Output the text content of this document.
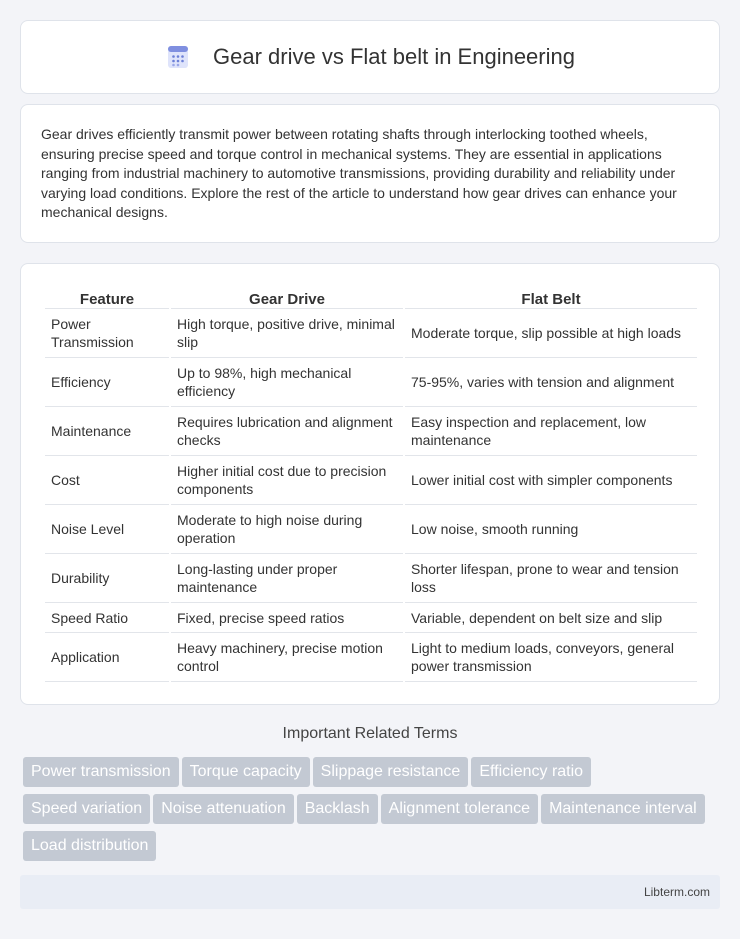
Gear drive vs Flat belt in Engineering

Gear drives efficiently transmit power between rotating shafts through interlocking toothed wheels, ensuring precise speed and torque control in mechanical systems. They are essential in applications ranging from industrial machinery to automotive transmissions, providing durability and reliability under varying load conditions. Explore the rest of the article to understand how gear drives can enhance your mechanical designs.

Feature	Gear Drive	Flat Belt
Power Transmission	High torque, positive drive, minimal slip	Moderate torque, slip possible at high loads
Efficiency	Up to 98%, high mechanical efficiency	75-95%, varies with tension and alignment
Maintenance	Requires lubrication and alignment checks	Easy inspection and replacement, low maintenance
Cost	Higher initial cost due to precision components	Lower initial cost with simpler components
Noise Level	Moderate to high noise during operation	Low noise, smooth running
Durability	Long-lasting under proper maintenance	Shorter lifespan, prone to wear and tension loss
Speed Ratio	Fixed, precise speed ratios	Variable, dependent on belt size and slip
Application	Heavy machinery, precise motion control	Light to medium loads, conveyors, general power transmission
Important Related Terms
Power transmission Torque capacity Slippage resistance Efficiency ratioSpeed variation Noise attenuation Backlash Alignment tolerance Maintenance intervalLoad distribution
Libterm.com
